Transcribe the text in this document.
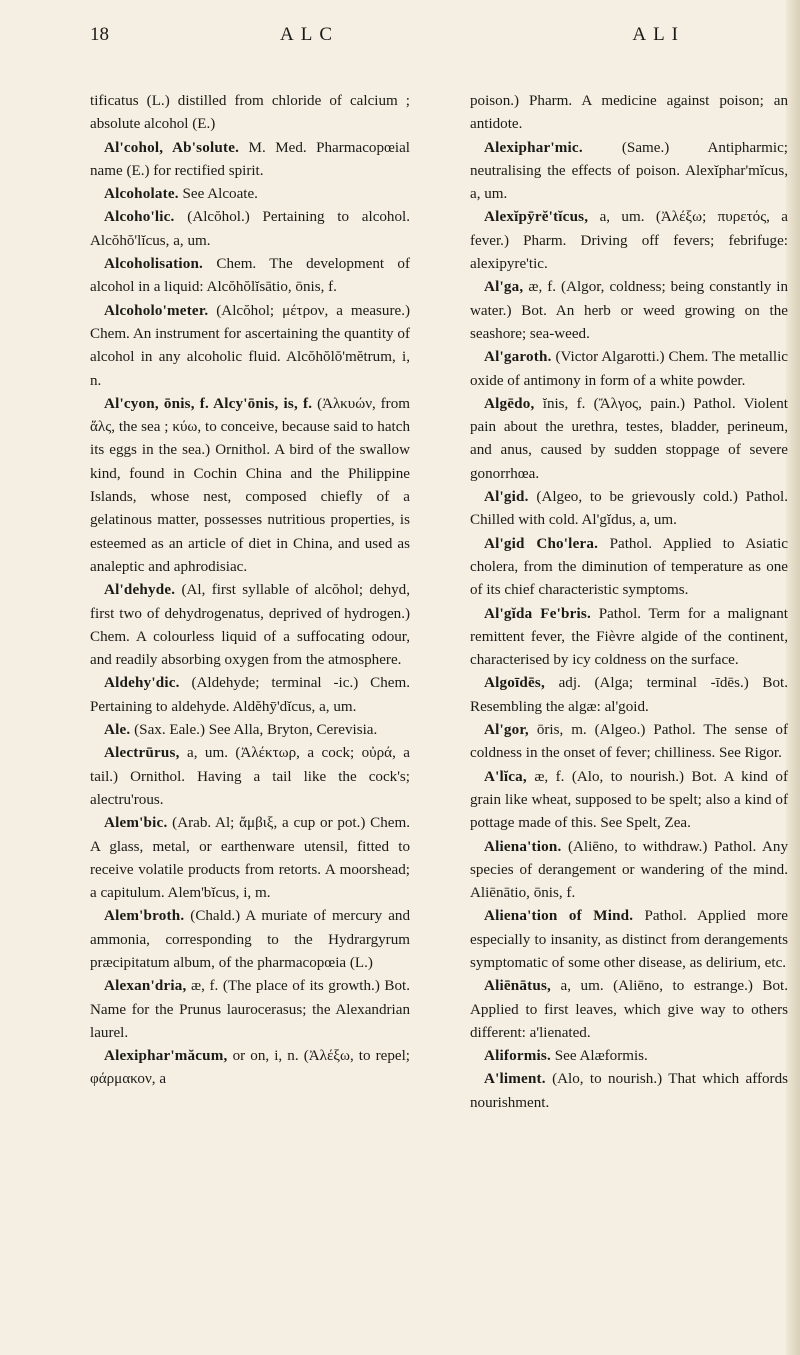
18	ALC	ALI

tificatus (L.) distilled from chloride of calcium ; absolute alcohol (E.)

Al'cohol, Ab'solute. M. Med. Pharmacopœial name (E.) for rectified spirit.

Alcoholate. See Alcoate.

Alcoho'lic. (Alcŏhol.) Pertaining to alcohol. Alcŏhŏ'lĭcus, a, um.

Alcoholisation. Chem. The development of alcohol in a liquid: Alcŏhŏlĭsātio, ōnis, f.

Alcoholo'meter. (Alcŏhol; μέτρον, a measure.) Chem. An instrument for ascertaining the quantity of alcohol in any alcoholic fluid. Alcŏhŏlŏ'mĕtrum, i, n.

Al'cyon, ōnis, f. Alcy'ōnis, is, f. (Ἀλκυών, from ἅλς, the sea ; κύω, to conceive, because said to hatch its eggs in the sea.) Ornithol. A bird of the swallow kind, found in Cochin China and the Philippine Islands, whose nest, composed chiefly of a gelatinous matter, possesses nutritious properties, is esteemed as an article of diet in China, and used as analeptic and aphrodisiac.

Al'dehyde. (Al, first syllable of alcŏhol; dehyd, first two of dehydrogenatus, deprived of hydrogen.) Chem. A colourless liquid of a suffocating odour, and readily absorbing oxygen from the atmosphere.

Aldehy'dic. (Aldehyde; terminal -ic.) Chem. Pertaining to aldehyde. Aldĕhȳ'dĭcus, a, um.

Ale. (Sax. Eale.) See Alla, Bryton, Cerevisia.

Alectrūrus, a, um. (Ἀλέκτωρ, a cock; οὐρά, a tail.) Ornithol. Having a tail like the cock's; alectru'rous.

Alem'bic. (Arab. Al; ἄμβιξ, a cup or pot.) Chem. A glass, metal, or earthenware utensil, fitted to receive volatile products from retorts. A moorshead; a capitulum. Alem'bĭcus, i, m.

Alem'broth. (Chald.) A muriate of mercury and ammonia, corresponding to the Hydrargyrum præcipitatum album, of the pharmacopœia (L.)

Alexan'dria, æ, f. (The place of its growth.) Bot. Name for the Prunus laurocerasus; the Alexandrian laurel.

Alexiphar'măcum, or on, i, n. (Ἀλέξω, to repel; φάρμακον, a

poison.) Pharm. A medicine against poison; an antidote.

Alexiphar'mic. (Same.) Antipharmic; neutralising the effects of poison. Alexĭphar'mĭcus, a, um.

Alexĭpȳrĕ'tĭcus, a, um. (Ἀλέξω; πυρετός, a fever.) Pharm. Driving off fevers; febrifuge: alexipyre'tic.

Al'ga, æ, f. (Algor, coldness; being constantly in water.) Bot. An herb or weed growing on the seashore; sea-weed.

Al'garoth. (Victor Algarotti.) Chem. The metallic oxide of antimony in form of a white powder.

Algēdo, ĭnis, f. (Ἄλγος, pain.) Pathol. Violent pain about the urethra, testes, bladder, perineum, and anus, caused by sudden stoppage of severe gonorrhœa.

Al'gid. (Algeo, to be grievously cold.) Pathol. Chilled with cold. Al'gĭdus, a, um.

Al'gid Cho'lera. Pathol. Applied to Asiatic cholera, from the diminution of temperature as one of its chief characteristic symptoms.

Al'gĭda Fe'bris. Pathol. Term for a malignant remittent fever, the Fièvre algide of the continent, characterised by icy coldness on the surface.

Algoīdēs, adj. (Alga; terminal -īdēs.) Bot. Resembling the algæ: al'goid.

Al'gor, ōris, m. (Algeo.) Pathol. The sense of coldness in the onset of fever; chilliness. See Rigor.

A'lĭca, æ, f. (Alo, to nourish.) Bot. A kind of grain like wheat, supposed to be spelt; also a kind of pottage made of this. See Spelt, Zea.

Aliena'tion. (Aliēno, to withdraw.) Pathol. Any species of derangement or wandering of the mind. Aliēnātio, ōnis, f.

Aliena'tion of Mind. Pathol. Applied more especially to insanity, as distinct from derangements symptomatic of some other disease, as delirium, etc.

Aliēnātus, a, um. (Aliēno, to estrange.) Bot. Applied to first leaves, which give way to others different: a'lienated.

Aliformis. See Alæformis.

A'liment. (Alo, to nourish.) That which affords nourishment.
